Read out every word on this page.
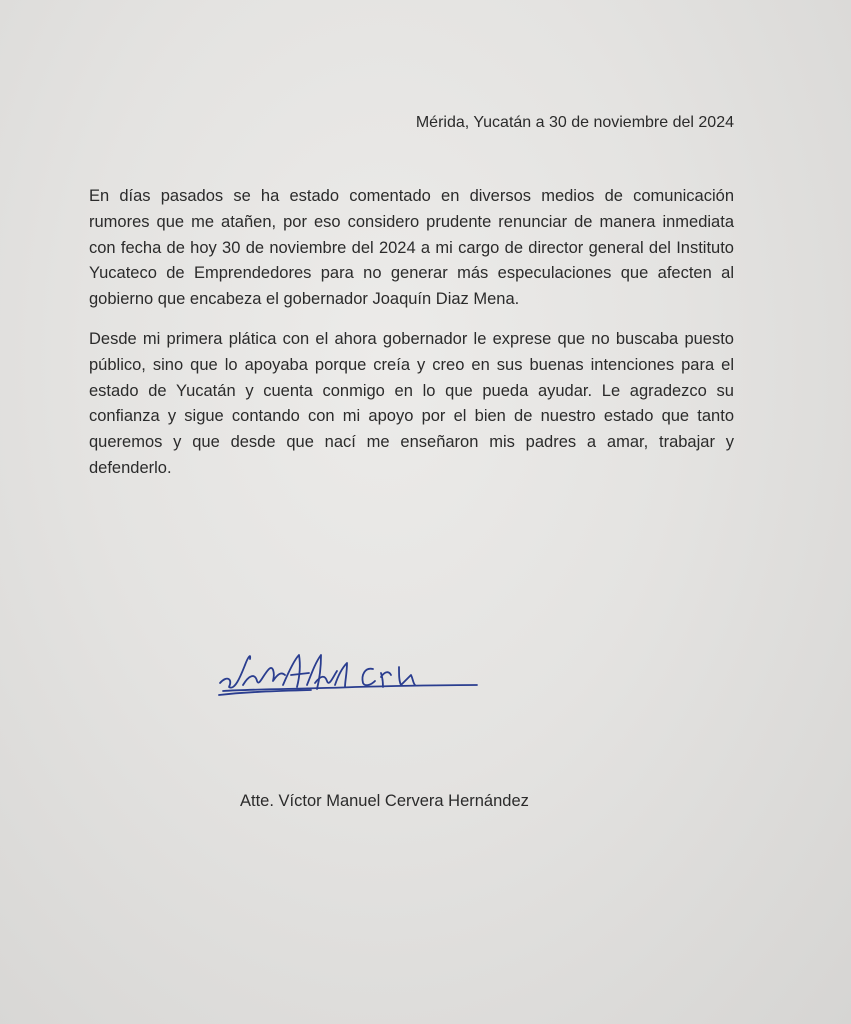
Mérida, Yucatán a 30 de noviembre del 2024

En días pasados se ha estado comentado en diversos medios de comunicación rumores que me atañen, por eso considero prudente renunciar de manera inmediata con fecha de hoy 30 de noviembre del 2024 a mi cargo de director general del Instituto Yucateco de Emprendedores para no generar más especulaciones que afecten al gobierno que encabeza el gobernador Joaquín Diaz Mena.

Desde mi primera plática con el ahora gobernador le exprese que no buscaba puesto público, sino que lo apoyaba porque creía y creo en sus buenas intenciones para el estado de Yucatán y cuenta conmigo en lo que pueda ayudar. Le agradezco su confianza y sigue contando con mi apoyo por el bien de nuestro estado que tanto queremos y que desde que nací me enseñaron mis padres a amar, trabajar y defenderlo.

Atte. Víctor Manuel Cervera Hernández
